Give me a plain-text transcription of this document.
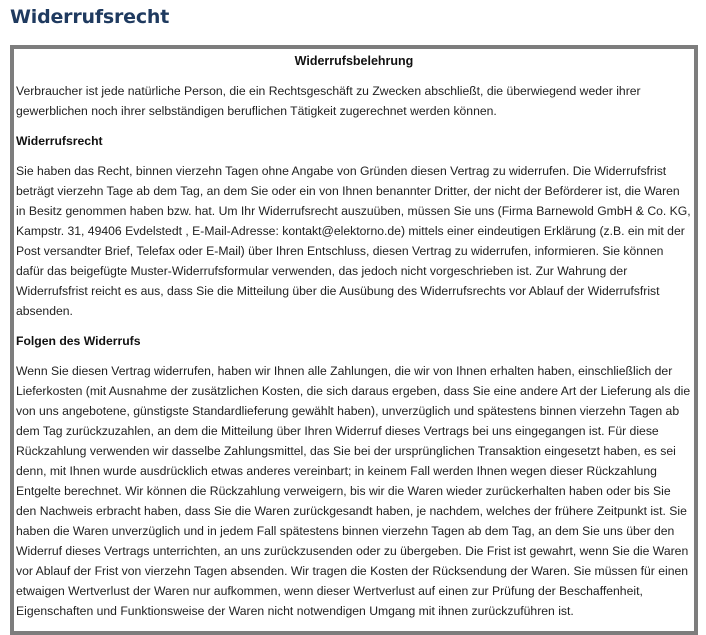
Widerrufsrecht
Widerrufsbelehrung

Verbraucher ist jede natürliche Person, die ein Rechtsgeschäft zu Zwecken abschließt, die überwiegend weder ihrer gewerblichen noch ihrer selbständigen beruflichen Tätigkeit zugerechnet werden können.

Widerrufsrecht

Sie haben das Recht, binnen vierzehn Tagen ohne Angabe von Gründen diesen Vertrag zu widerrufen. Die Widerrufsfrist beträgt vierzehn Tage ab dem Tag, an dem Sie oder ein von Ihnen benannter Dritter, der nicht der Beförderer ist, die Waren in Besitz genommen haben bzw. hat. Um Ihr Widerrufsrecht auszuüben, müssen Sie uns (Firma Barnewold GmbH & Co. KG, Kampstr. 31, 49406 Evdelstedt , E-Mail-Adresse: kontakt@elektorno.de) mittels einer eindeutigen Erklärung (z.B. ein mit der Post versandter Brief, Telefax oder E-Mail) über Ihren Entschluss, diesen Vertrag zu widerrufen, informieren. Sie können dafür das beigefügte Muster-Widerrufsformular verwenden, das jedoch nicht vorgeschrieben ist. Zur Wahrung der Widerrufsfrist reicht es aus, dass Sie die Mitteilung über die Ausübung des Widerrufsrechts vor Ablauf der Widerrufsfrist absenden.

Folgen des Widerrufs

Wenn Sie diesen Vertrag widerrufen, haben wir Ihnen alle Zahlungen, die wir von Ihnen erhalten haben, einschließlich der Lieferkosten (mit Ausnahme der zusätzlichen Kosten, die sich daraus ergeben, dass Sie eine andere Art der Lieferung als die von uns angebotene, günstigste Standardlieferung gewählt haben), unverzüglich und spätestens binnen vierzehn Tagen ab dem Tag zurückzuzahlen, an dem die Mitteilung über Ihren Widerruf dieses Vertrags bei uns eingegangen ist. Für diese Rückzahlung verwenden wir dasselbe Zahlungsmittel, das Sie bei der ursprünglichen Transaktion eingesetzt haben, es sei denn, mit Ihnen wurde ausdrücklich etwas anderes vereinbart; in keinem Fall werden Ihnen wegen dieser Rückzahlung Entgelte berechnet. Wir können die Rückzahlung verweigern, bis wir die Waren wieder zurückerhalten haben oder bis Sie den Nachweis erbracht haben, dass Sie die Waren zurückgesandt haben, je nachdem, welches der frühere Zeitpunkt ist. Sie haben die Waren unverzüglich und in jedem Fall spätestens binnen vierzehn Tagen ab dem Tag, an dem Sie uns über den Widerruf dieses Vertrags unterrichten, an uns zurückzusenden oder zu übergeben. Die Frist ist gewahrt, wenn Sie die Waren vor Ablauf der Frist von vierzehn Tagen absenden. Wir tragen die Kosten der Rücksendung der Waren. Sie müssen für einen etwaigen Wertverlust der Waren nur aufkommen, wenn dieser Wertverlust auf einen zur Prüfung der Beschaffenheit, Eigenschaften und Funktionsweise der Waren nicht notwendigen Umgang mit ihnen zurückzuführen ist.
